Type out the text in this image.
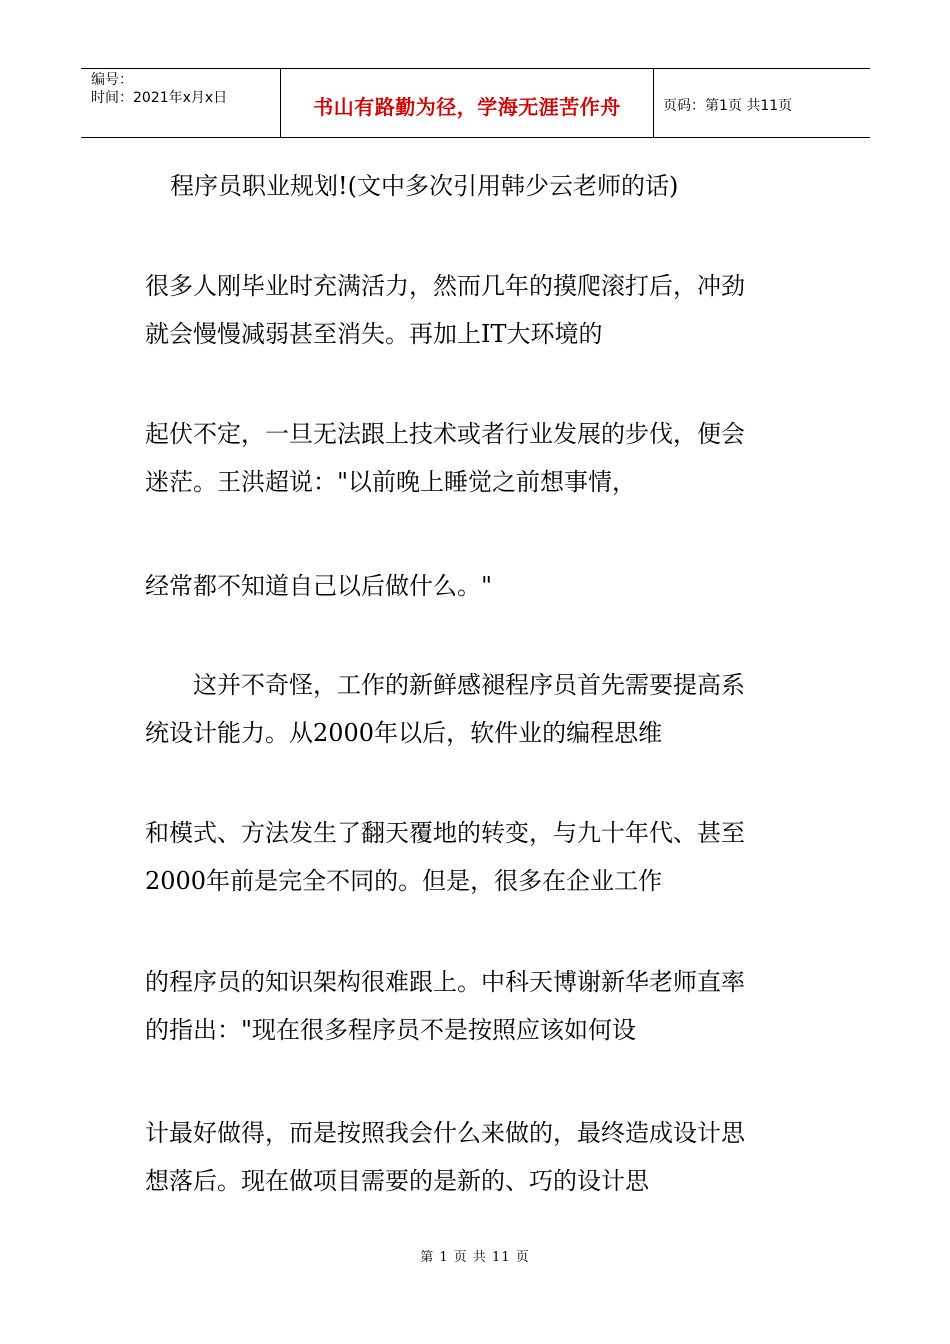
编号：
时间：2021年x月x日	书山有路勤为径，学海无涯苦作舟	页码：第1页 共11页
程序员职业规划!(文中多次引用韩少云老师的话)
很多人刚毕业时充满活力，然而几年的摸爬滚打后，冲劲
就会慢慢减弱甚至消失。再加上IT大环境的
起伏不定，一旦无法跟上技术或者行业发展的步伐，便会
迷茫。王洪超说："以前晚上睡觉之前想事情，
经常都不知道自己以后做什么。"
　　这并不奇怪，工作的新鲜感褪程序员首先需要提高系
统设计能力。从2000年以后，软件业的编程思维
和模式、方法发生了翻天覆地的转变，与九十年代、甚至
2000年前是完全不同的。但是，很多在企业工作
的程序员的知识架构很难跟上。中科天博谢新华老师直率
的指出："现在很多程序员不是按照应该如何设
计最好做得，而是按照我会什么来做的，最终造成设计思
想落后。现在做项目需要的是新的、巧的设计思
第 1 页 共 11 页
